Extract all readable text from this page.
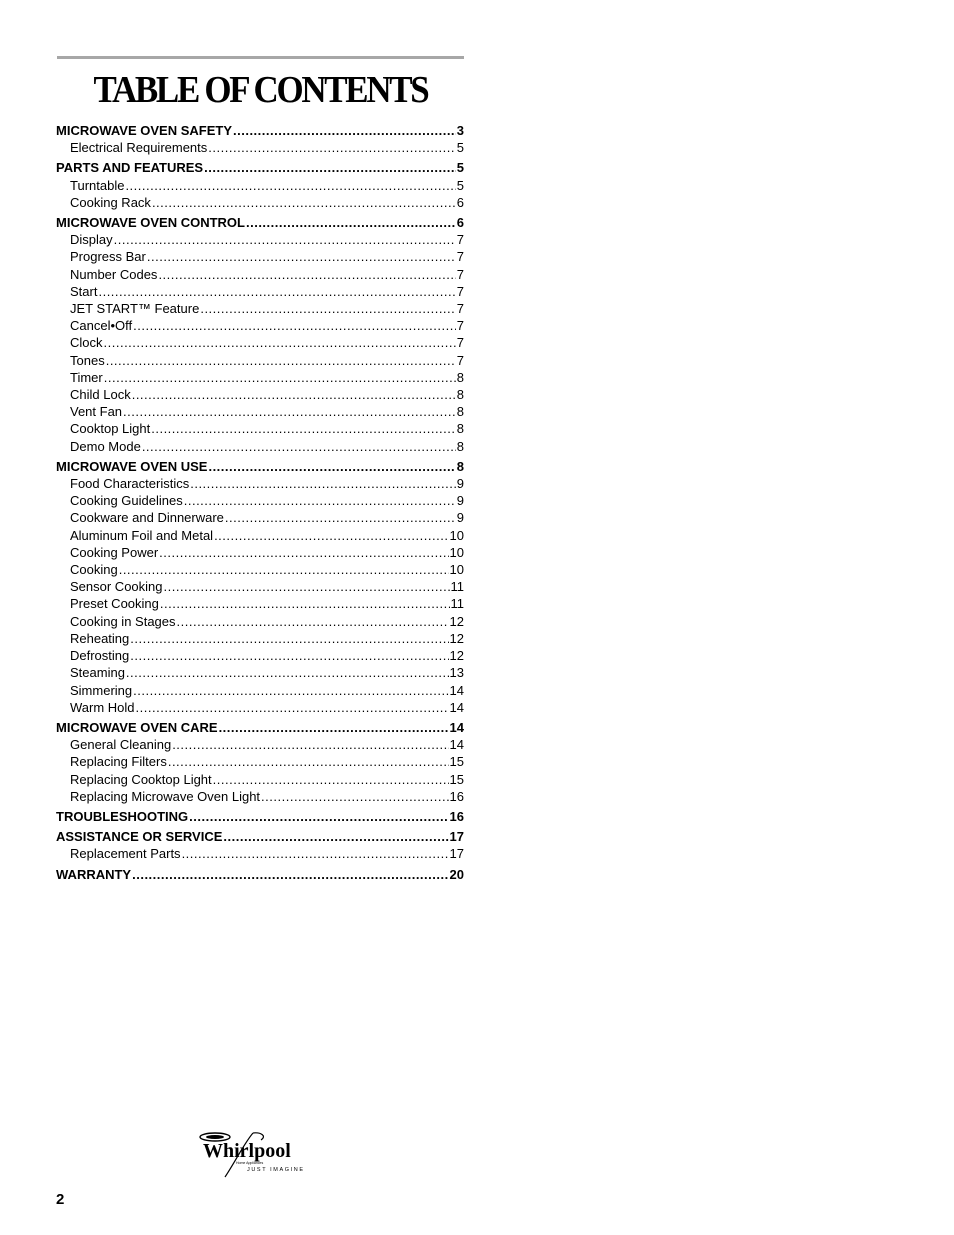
TABLE OF CONTENTS
MICROWAVE OVEN SAFETY .....	3
Electrical Requirements .....	5
PARTS AND FEATURES .....	5
Turntable .....	5
Cooking Rack .....	6
MICROWAVE OVEN CONTROL .....	6
Display .....	7
Progress Bar .....	7
Number Codes .....	7
Start .....	7
JET START™ Feature .....	7
Cancel•Off .....	7
Clock .....	7
Tones .....	7
Timer .....	8
Child Lock .....	8
Vent Fan .....	8
Cooktop Light .....	8
Demo Mode .....	8
MICROWAVE OVEN USE .....	8
Food Characteristics .....	9
Cooking Guidelines .....	9
Cookware and Dinnerware .....	9
Aluminum Foil and Metal .....	10
Cooking Power .....	10
Cooking .....	10
Sensor Cooking .....	11
Preset Cooking .....	11
Cooking in Stages .....	12
Reheating .....	12
Defrosting .....	12
Steaming .....	13
Simmering .....	14
Warm Hold .....	14
MICROWAVE OVEN CARE .....	14
General Cleaning .....	14
Replacing Filters .....	15
Replacing Cooktop Light .....	15
Replacing Microwave Oven Light .....	16
TROUBLESHOOTING .....	16
ASSISTANCE OR SERVICE .....	17
Replacement Parts .....	17
WARRANTY .....	20
Whirlpool
Home Appliances
JUST IMAGINE

2
